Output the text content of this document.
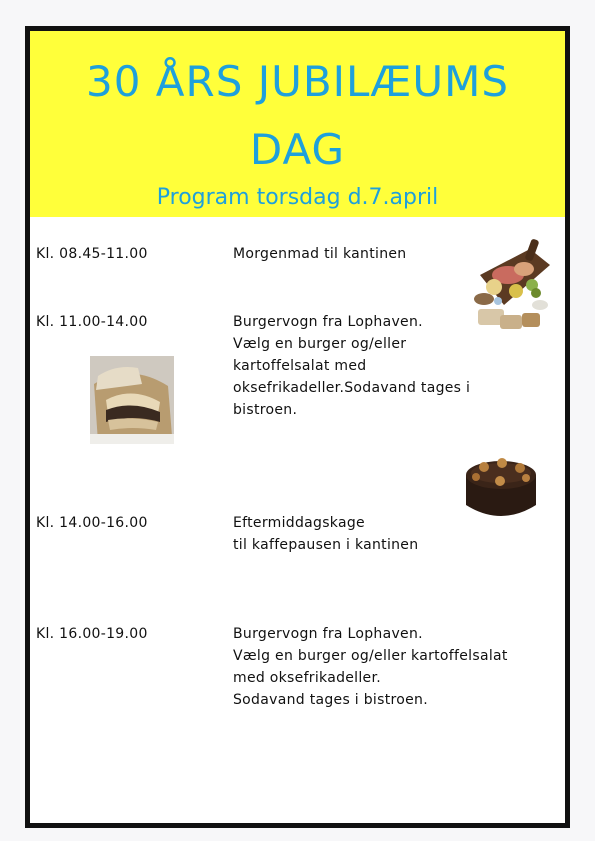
30 ÅRS JUBILÆUMS
DAG
Program torsdag d.7.april
Kl. 08.45-11.00	Morgenmad til kantinen
Kl. 11.00-14.00	Burgervogn fra Lophaven.
Vælg en burger og/eller
kartoffelsalat med
oksefrikadeller.Sodavand tages i
bistroen.
Kl. 14.00-16.00	Eftermiddagskage
til kaffepausen i kantinen
Kl. 16.00-19.00	Burgervogn fra Lophaven.
Vælg en burger og/eller kartoffelsalat
med oksefrikadeller.
Sodavand tages i bistroen.
